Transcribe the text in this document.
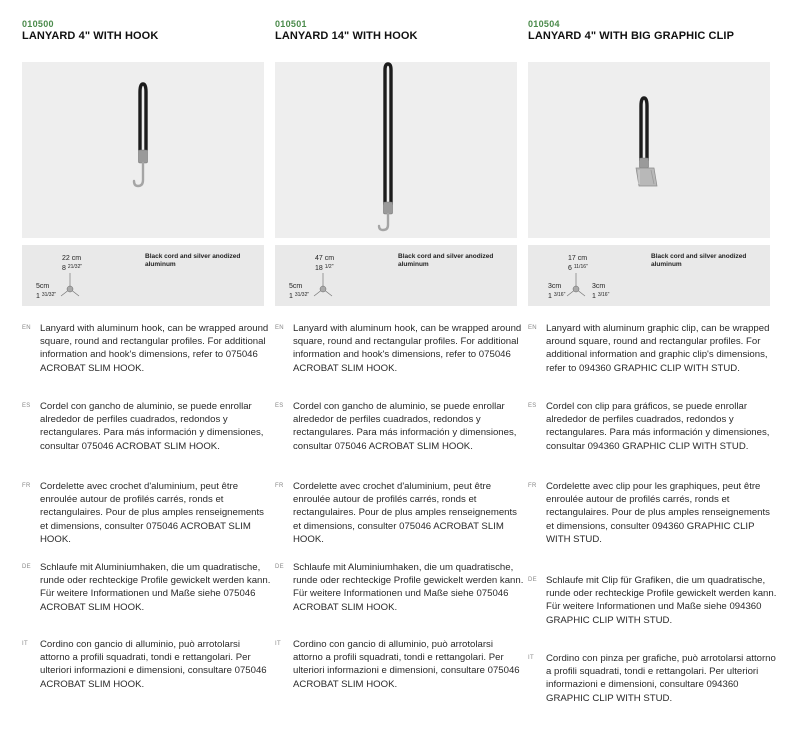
010500
LANYARD 4" WITH HOOK
22 cm
8 $^{21/32"}$
5cm
1 $^{31/32"}$
Black cord and silver anodized aluminum
EN Lanyard with aluminum hook, can be wrapped around square, round and rectangular profiles. For additional information and hook's dimensions, refer to 075046 ACROBAT SLIM HOOK.
ES Cordel con gancho de aluminio, se puede enrollar alrededor de perfiles cuadrados, redondos y rectangulares. Para más información y dimensiones, consultar 075046 ACROBAT SLIM HOOK.
FR Cordelette avec crochet d'aluminium, peut être enroulée autour de profilés carrés, ronds et rectangulaires. Pour de plus amples renseignements et dimensions, consulter 075046 ACROBAT SLIM HOOK.
DE Schlaufe mit Aluminiumhaken, die um quadratische, runde oder rechteckige Profile gewickelt werden kann. Für weitere Informationen und Maße siehe 075046 ACROBAT SLIM HOOK.
IT Cordino con gancio di alluminio, può arrotolarsi attorno a profili squadrati, tondi e rettangolari. Per ulteriori informazioni e dimensioni, consultare 075046 ACROBAT SLIM HOOK.
010501
LANYARD 14" WITH HOOK
47 cm
18 $^{1/2"}$
5cm
1 $^{31/32"}$
Black cord and silver anodized aluminum
EN Lanyard with aluminum hook, can be wrapped around square, round and rectangular profiles. For additional information and hook's dimensions, refer to 075046 ACROBAT SLIM HOOK.
ES Cordel con gancho de aluminio, se puede enrollar alrededor de perfiles cuadrados, redondos y rectangulares. Para más información y dimensiones, consultar 075046 ACROBAT SLIM HOOK.
FR Cordelette avec crochet d'aluminium, peut être enroulée autour de profilés carrés, ronds et rectangulaires. Pour de plus amples renseignements et dimensions, consulter 075046 ACROBAT SLIM HOOK.
DE Schlaufe mit Aluminiumhaken, die um quadratische, runde oder rechteckige Profile gewickelt werden kann. Für weitere Informationen und Maße siehe 075046 ACROBAT SLIM HOOK.
IT Cordino con gancio di alluminio, può arrotolarsi attorno a profili squadrati, tondi e rettangolari. Per ulteriori informazioni e dimensioni, consultare 075046 ACROBAT SLIM HOOK.
010504
LANYARD 4" WITH BIG GRAPHIC CLIP
17 cm
6 $^{11/16"}$
3cm
1 $^{3/16"}$
3cm
1 $^{3/16"}$
Black cord and silver anodized aluminum
EN Lanyard with aluminum graphic clip, can be wrapped around square, round and rectangular profiles. For additional information and graphic clip's dimensions, refer to 094360 GRAPHIC CLIP WITH STUD.
ES Cordel con clip para gráficos, se puede enrollar alrededor de perfiles cuadrados, redondos y rectangulares. Para más información y dimensiones, consultar 094360 GRAPHIC CLIP WITH STUD.
FR Cordelette avec clip pour les graphiques, peut être enroulée autour de profilés carrés, ronds et rectangulaires. Pour de plus amples renseignements et dimensions, consulter 094360 GRAPHIC CLIP WITH STUD.
DE Schlaufe mit Clip für Grafiken, die um quadratische, runde oder rechteckige Profile gewickelt werden kann. Für weitere Informationen und Maße siehe 094360 GRAPHIC CLIP WITH STUD.
IT Cordino con pinza per grafiche, può arrotolarsi attorno a profili squadrati, tondi e rettangolari. Per ulteriori informazioni e dimensioni, consultare 094360 GRAPHIC CLIP WITH STUD.
